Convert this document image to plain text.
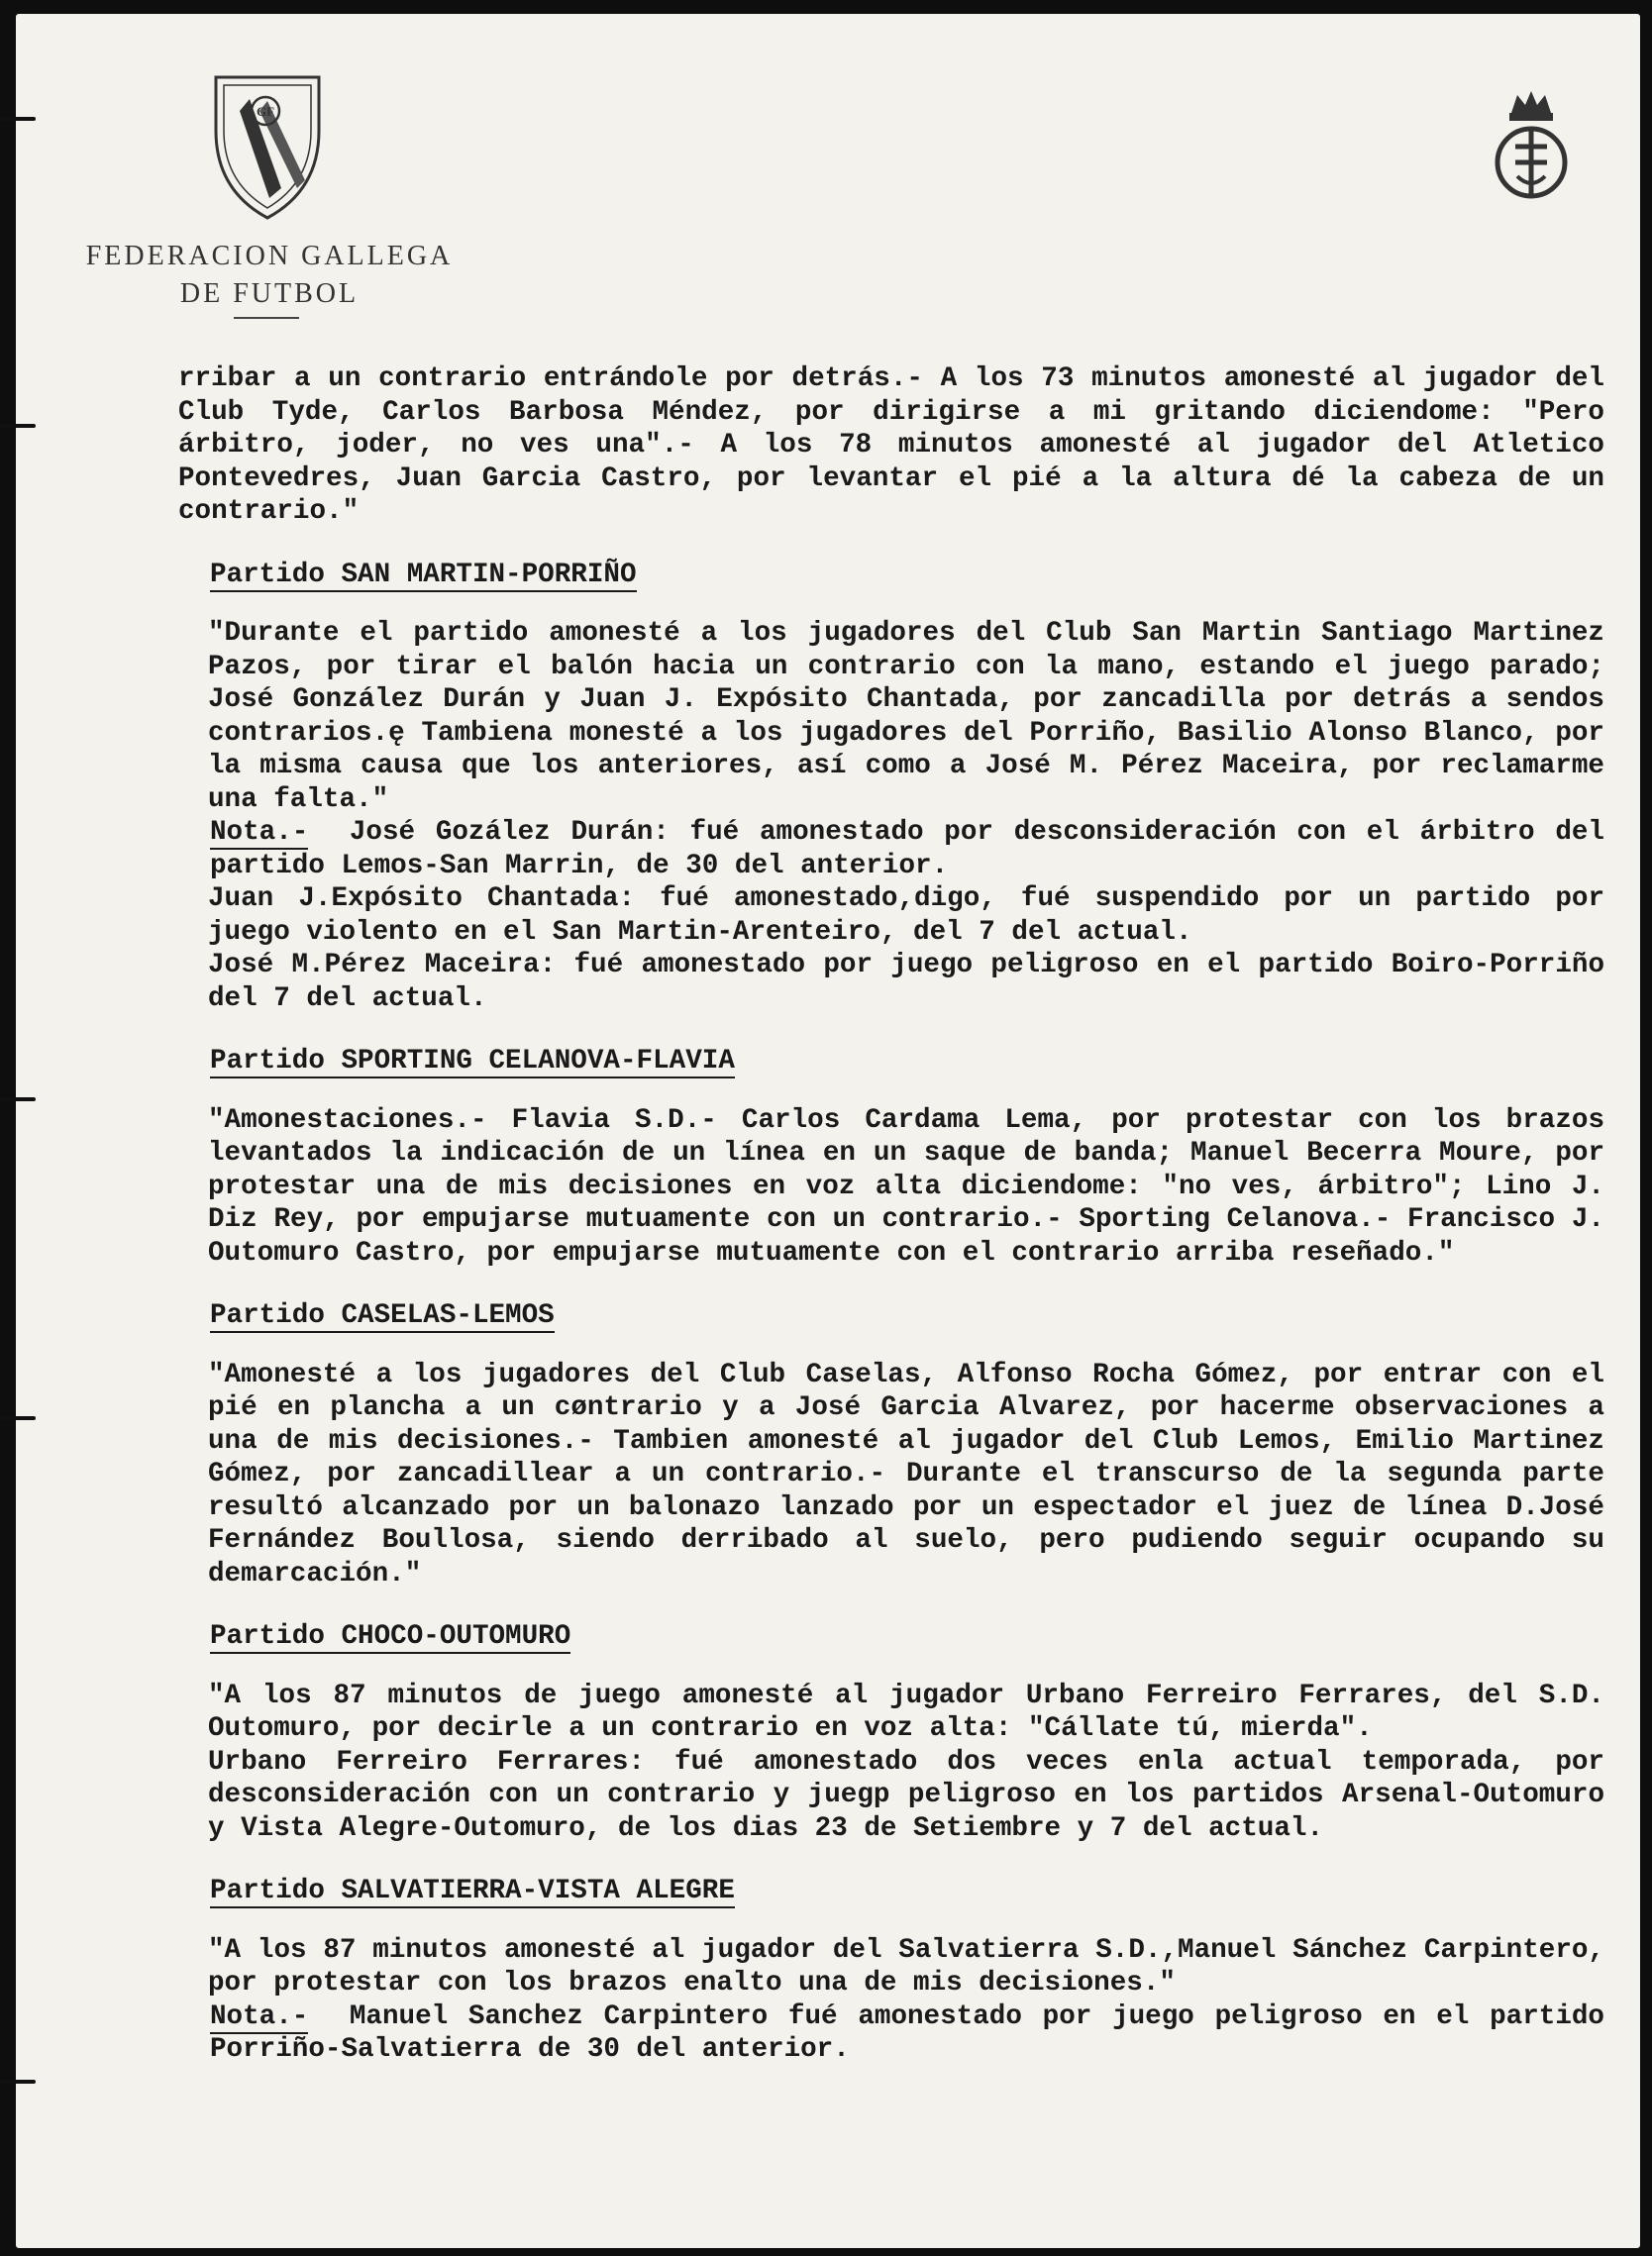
GF
FEDERACION GALLEGA
DE FUTBOL

rribar a un contrario entrándole por detrás.- A los 73 minutos amonesté al jugador del Club Tyde, Carlos Barbosa Méndez, por dirigirse a mi gritando diciendome: "Pero árbitro, joder, no ves una".- A los 78 minutos amonesté al jugador del Atletico Pontevedres, Juan Garcia Castro, por levantar el pié a la altura dé la cabeza de un contrario."

Partido SAN MARTIN-PORRIÑO

"Durante el partido amonesté a los jugadores del Club San Martin Santiago Martinez Pazos, por tirar el balón hacia un contrario con la mano, estando el juego parado; José González Durán y Juan J. Expósito Chantada, por zancadilla por detrás a sendos contrarios.ę Tambiena monesté a los jugadores del Porriño, Basilio Alonso Blanco, por la misma causa que los anteriores, así como a José M. Pérez Maceira, por reclamarme una falta."

Nota.- José Gozález Durán: fué amonestado por desconsideración con el árbitro del partido Lemos-San Marrin, de 30 del anterior.

Juan J.Expósito Chantada: fué amonestado,digo, fué suspendido por un partido por juego violento en el San Martin-Arenteiro, del 7 del actual.

José M.Pérez Maceira: fué amonestado por juego peligroso en el partido Boiro-Porriño del 7 del actual.

Partido SPORTING CELANOVA-FLAVIA

"Amonestaciones.- Flavia S.D.- Carlos Cardama Lema, por protestar con los brazos levantados la indicación de un línea en un saque de banda; Manuel Becerra Moure, por protestar una de mis decisiones en voz alta diciendome: "no ves, árbitro"; Lino J. Diz Rey, por empujarse mutuamente con un contrario.- Sporting Celanova.- Francisco J. Outomuro Castro, por empujarse mutuamente con el contrario arriba reseñado."

Partido CASELAS-LEMOS

"Amonesté a los jugadores del Club Caselas, Alfonso Rocha Gómez, por entrar con el pié en plancha a un cøntrario y a José Garcia Alvarez, por hacerme observaciones a una de mis decisiones.- Tambien amonesté al jugador del Club Lemos, Emilio Martinez Gómez, por zancadillear a un contrario.- Durante el transcurso de la segunda parte resultó alcanzado por un balonazo lanzado por un espectador el juez de línea D.José Fernández Boullosa, siendo derribado al suelo, pero pudiendo seguir ocupando su demarcación."

Partido CHOCO-OUTOMURO

"A los 87 minutos de juego amonesté al jugador Urbano Ferreiro Ferrares, del S.D. Outomuro, por decirle a un contrario en voz alta: "Cállate tú, mierda".

Urbano Ferreiro Ferrares: fué amonestado dos veces enla actual temporada, por desconsideración con un contrario y juegp peligroso en los partidos Arsenal-Outomuro y Vista Alegre-Outomuro, de los dias 23 de Setiembre y 7 del actual.

Partido SALVATIERRA-VISTA ALEGRE

"A los 87 minutos amonesté al jugador del Salvatierra S.D.,Manuel Sánchez Carpintero, por protestar con los brazos enalto una de mis decisiones."

Nota.- Manuel Sanchez Carpintero fué amonestado por juego peligroso en el partido Porriño-Salvatierra de 30 del anterior.
